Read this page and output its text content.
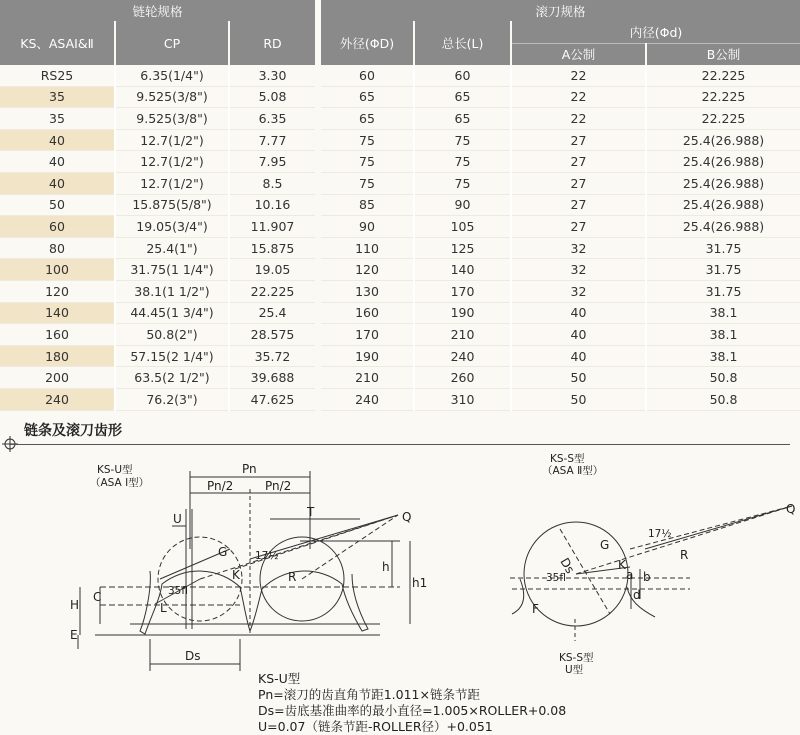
链轮规格			滚刀规格			
KS、ASAⅠ&Ⅱ	CP	RD	外径(ΦD)	总长(L)	内径(Φd)	
					A公制	B公制
RS25	6.35(1/4")	3.30	60	60	22	22.225
35	9.525(3/8")	5.08	65	65	22	22.225
35	9.525(3/8")	6.35	65	65	22	22.225
40	12.7(1/2")	7.77	75	75	27	25.4(26.988)
40	12.7(1/2")	7.95	75	75	27	25.4(26.988)
40	12.7(1/2")	8.5	75	75	27	25.4(26.988)
50	15.875(5/8")	10.16	85	90	27	25.4(26.988)
60	19.05(3/4")	11.907	90	105	27	25.4(26.988)
80	25.4(1")	15.875	110	125	32	31.75
100	31.75(1 1/4")	19.05	120	140	32	31.75
120	38.1(1 1/2")	22.225	130	170	32	31.75
140	44.45(1 3/4")	25.4	160	190	40	38.1
160	50.8(2")	28.575	170	210	40	38.1
180	57.15(2 1/4")	35.72	190	240	40	38.1
200	63.5(2 1/2")	39.688	210	260	50	50.8
240	76.2(3")	47.625	240	310	50	50.8
链条及滚刀齿形
KS-U型
（ASA Ⅰ型）
Pn
Pn/2	Pn/2
U	T	Q
G
K	R
17½
35fl
h
h1
H
C
L
E
Ds
KS-S型
（ASA Ⅱ型）
Ds
G
K
R
Q
a b
d
F
17½
35fl
KS-S型
U型
KS-U型
Pn=滚刀的齿直角节距1.011×链条节距
Ds=齿底基准曲率的最小直径=1.005×ROLLER+0.08
U=0.07（链条节距-ROLLER径）+0.051
